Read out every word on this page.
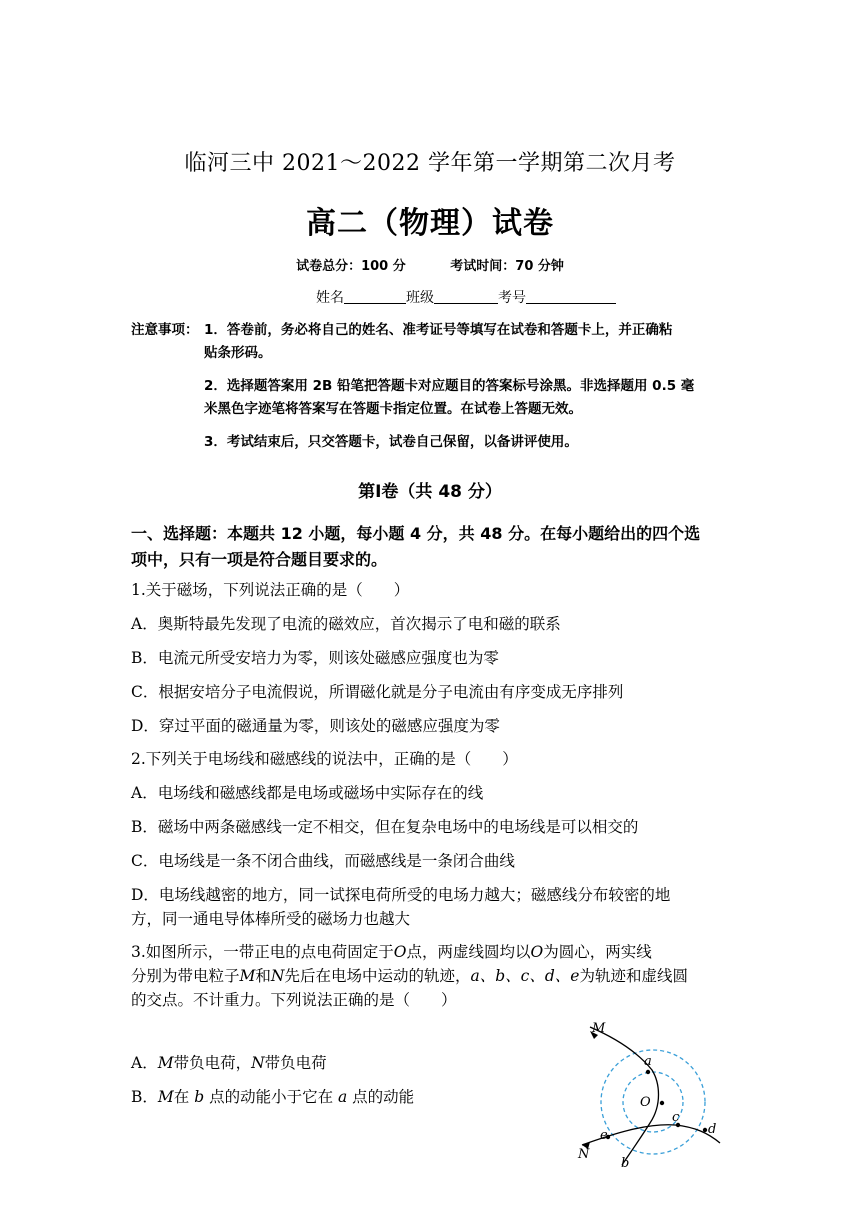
临河三中 2021～2022 学年第一学期第二次月考
高二（物理）试卷
试卷总分：100 分	考试时间：70 分钟
姓名	班级	考号
注意事项： 1．答卷前，务必将自己的姓名、准考证号等填写在试卷和答题卡上，并正确粘
贴条形码。
2．选择题答案用 2B 铅笔把答题卡对应题目的答案标号涂黑。非选择题用 0.5 毫
米黑色字迹笔将答案写在答题卡指定位置。在试卷上答题无效。
3．考试结束后，只交答题卡，试卷自己保留，以备讲评使用。
第Ⅰ卷（共 48 分）
一、选择题：本题共 12 小题，每小题 4 分，共 48 分。在每小题给出的四个选
项中，只有一项是符合题目要求的。
1.关于磁场，下列说法正确的是（　　）
A．奥斯特最先发现了电流的磁效应，首次揭示了电和磁的联系
B．电流元所受安培力为零，则该处磁感应强度也为零
C．根据安培分子电流假说，所谓磁化就是分子电流由有序变成无序排列
D．穿过平面的磁通量为零，则该处的磁感应强度为零
2.下列关于电场线和磁感线的说法中，正确的是（　　）
A．电场线和磁感线都是电场或磁场中实际存在的线
B．磁场中两条磁感线一定不相交，但在复杂电场中的电场线是可以相交的
C．电场线是一条不闭合曲线，而磁感线是一条闭合曲线
D．电场线越密的地方，同一试探电荷所受的电场力越大；磁感线分布较密的地
方，同一通电导体棒所受的磁场力也越大
3.如图所示，一带正电的点电荷固定于O点，两虚线圆均以O为圆心，两实线
分别为带电粒子M和N先后在电场中运动的轨迹，a、b、c、d、e为轨迹和虚线圆
的交点。不计重力。下列说法正确的是（　　）
A．M带负电荷，N带负电荷
B．M在 b 点的动能小于它在 a 点的动能
M
N
O
a
b
c
d
e
